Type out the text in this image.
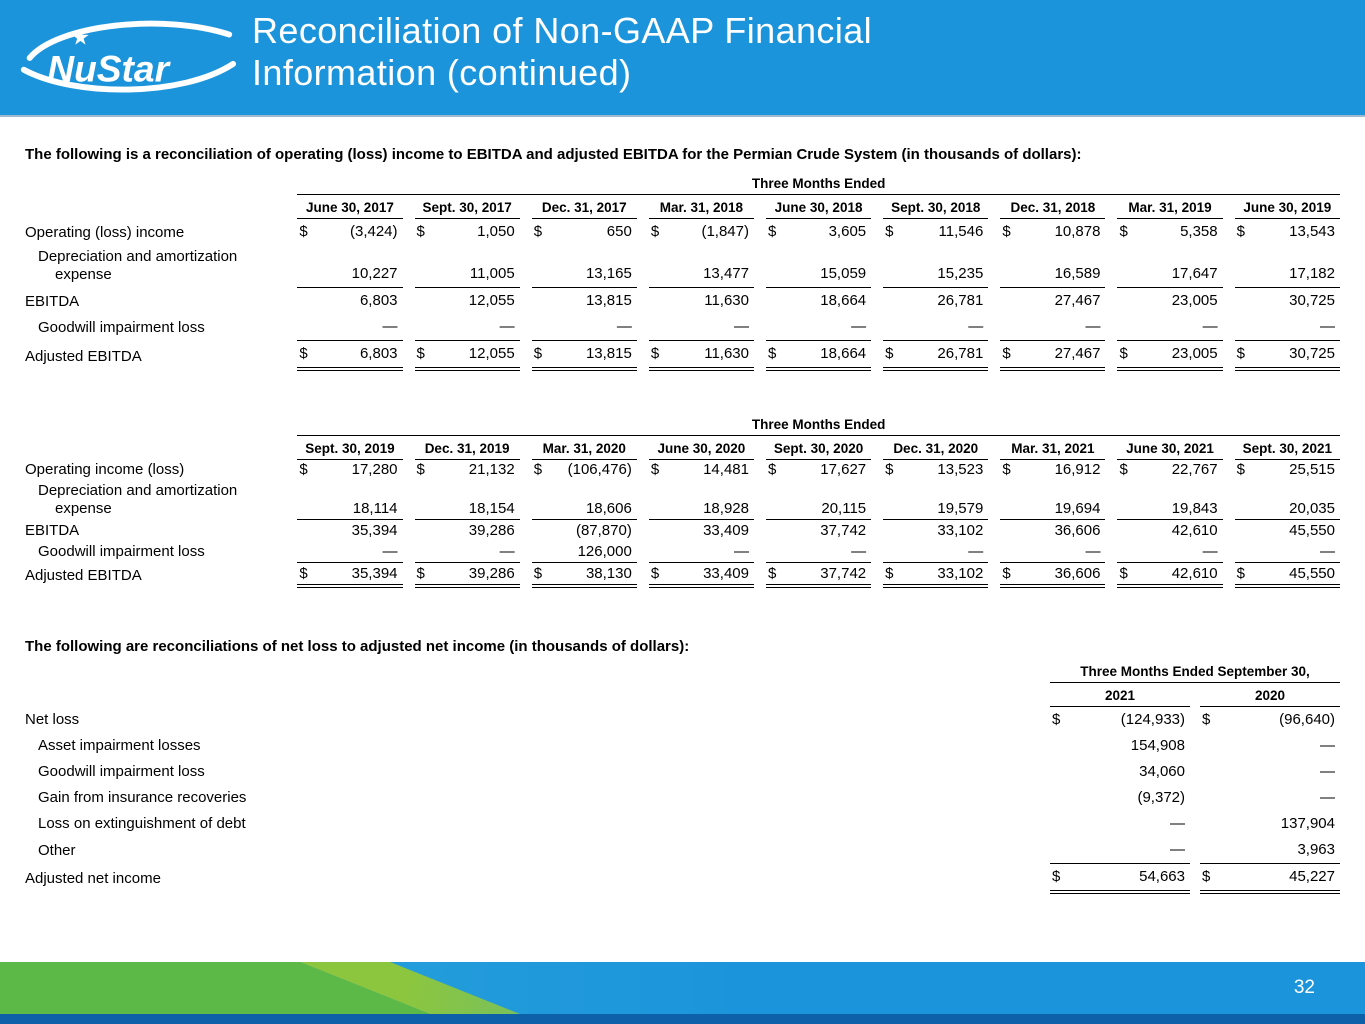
NuStar
★	Reconciliation of Non-GAAP Financial
Information (continued)

The following is a reconciliation of operating (loss) income to EBITDA and adjusted EBITDA for the Permian Crude System (in thousands of dollars):

		Three Months Ended																
		June 30, 2017		Sept. 30, 2017		Dec. 31, 2017		Mar. 31, 2018		June 30, 2018		Sept. 30, 2018		Dec. 31, 2018		Mar. 31, 2019		June 30, 2019
Operating (loss) income		$ (3,424)		$ 1,050		$ 650		$ (1,847)		$ 3,605		$ 11,546		$ 10,878		$ 5,358		$ 13,543
Depreciation and amortization expense		10,227		11,005		13,165		13,477		15,059		15,235		16,589		17,647		17,182
EBITDA		6,803		12,055		13,815		11,630		18,664		26,781		27,467		23,005		30,725
Goodwill impairment loss		—		—		—		—		—		—		—		—		—
Adjusted EBITDA		$ 6,803		$ 12,055		$ 13,815		$ 11,630		$ 18,664		$ 26,781		$ 27,467		$ 23,005		$ 30,725
		Three Months Ended																
		Sept. 30, 2019		Dec. 31, 2019		Mar. 31, 2020		June 30, 2020		Sept. 30, 2020		Dec. 31, 2020		Mar. 31, 2021		June 30, 2021		Sept. 30, 2021
Operating income (loss)		$ 17,280		$ 21,132		$ (106,476)		$ 14,481		$ 17,627		$ 13,523		$ 16,912		$ 22,767		$ 25,515
Depreciation and amortization expense		18,114		18,154		18,606		18,928		20,115		19,579		19,694		19,843		20,035
EBITDA		35,394		39,286		(87,870)		33,409		37,742		33,102		36,606		42,610		45,550
Goodwill impairment loss		—		—		126,000		—		—		—		—		—		—
Adjusted EBITDA		$ 35,394		$ 39,286		$ 38,130		$ 33,409		$ 37,742		$ 33,102		$ 36,606		$ 42,610		$ 45,550

The following are reconciliations of net loss to adjusted net income (in thousands of dollars):

		Three Months Ended September 30,		
		2021		2020
Net loss		$ (124,933)		$ (96,640)
Asset impairment losses		154,908		—
Goodwill impairment loss		34,060		—
Gain from insurance recoveries		(9,372)		—
Loss on extinguishment of debt		—		137,904
Other		—		3,963
Adjusted net income		$ 54,663		$ 45,227
32
